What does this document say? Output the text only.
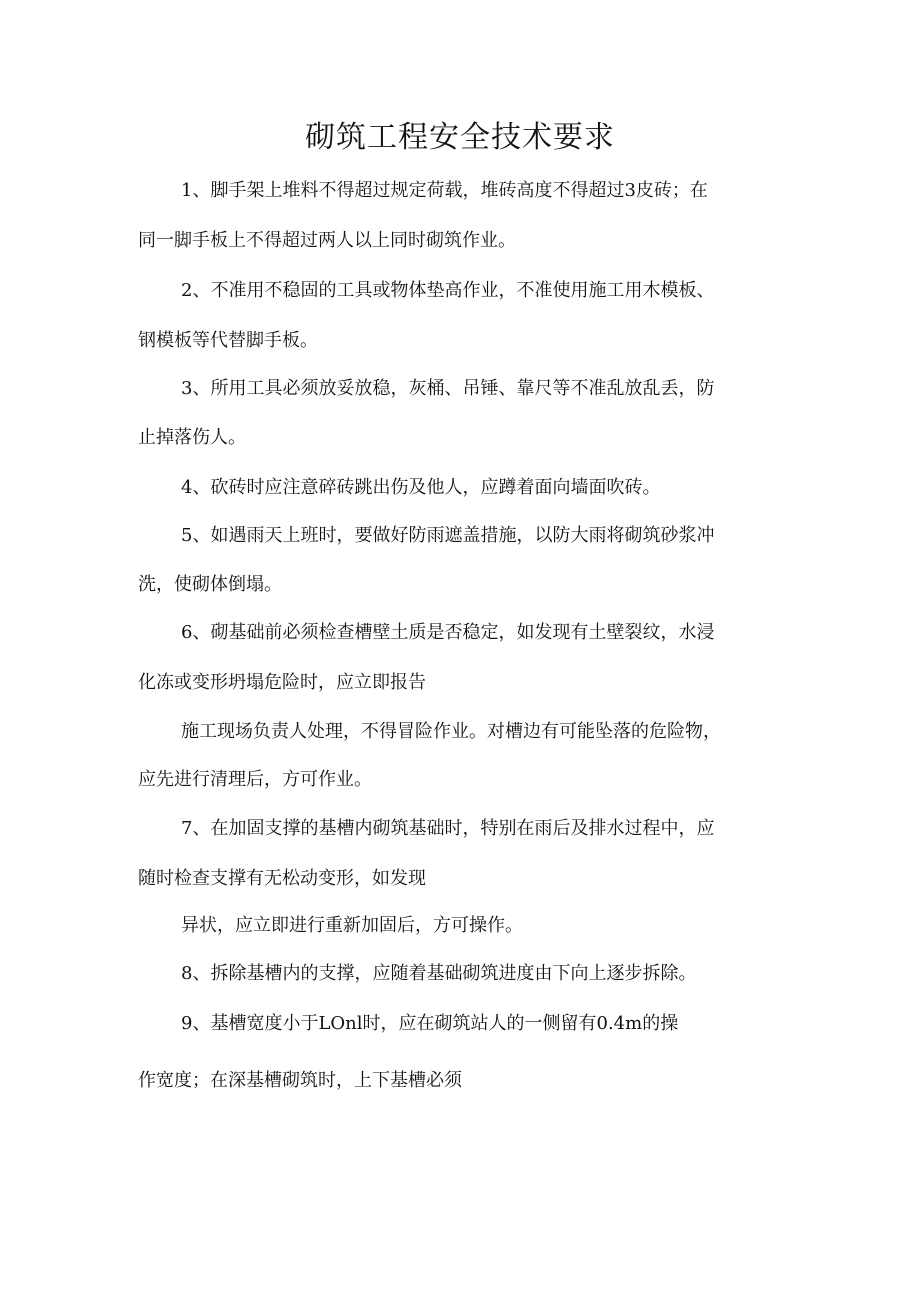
砌筑工程安全技术要求

1、脚手架上堆料不得超过规定荷载，堆砖高度不得超过3皮砖；在

同一脚手板上不得超过两人以上同时砌筑作业。

2、不准用不稳固的工具或物体垫高作业，不准使用施工用木模板、

钢模板等代替脚手板。

3、所用工具必须放妥放稳，灰桶、吊锤、靠尺等不准乱放乱丢，防

止掉落伤人。

4、砍砖时应注意碎砖跳出伤及他人，应蹲着面向墙面吹砖。

5、如遇雨天上班时，要做好防雨遮盖措施，以防大雨将砌筑砂浆冲

洗，使砌体倒塌。

6、砌基础前必须检查槽壁土质是否稳定，如发现有土壁裂纹，水浸

化冻或变形坍塌危险时，应立即报告

施工现场负责人处理，不得冒险作业。对槽边有可能坠落的危险物，

应先进行清理后，方可作业。

7、在加固支撑的基槽内砌筑基础时，特别在雨后及排水过程中，应

随时检查支撑有无松动变形，如发现

异状，应立即进行重新加固后，方可操作。

8、拆除基槽内的支撑，应随着基础砌筑进度由下向上逐步拆除。

9、基槽宽度小于LOnl时，应在砌筑站人的一侧留有0.4m的操

作宽度；在深基槽砌筑时，上下基槽必须
